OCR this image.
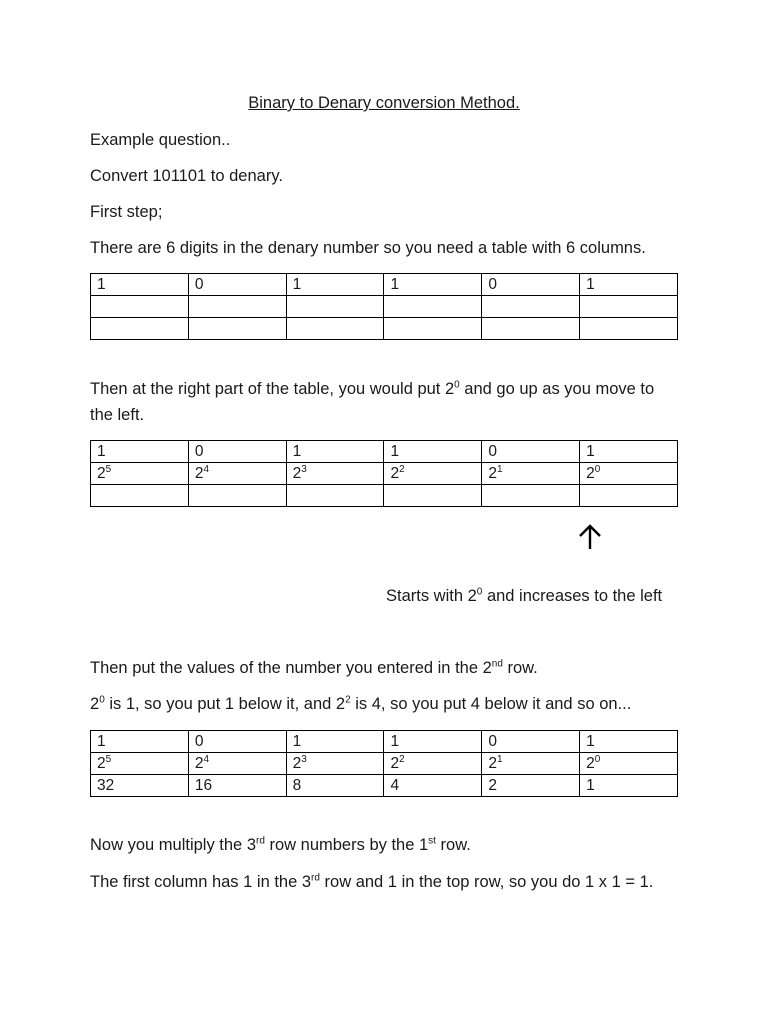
Binary to Denary conversion Method.
Example question..
Convert 101101 to denary.
First step;
There are 6 digits in the denary number so you need a table with 6 columns.
1	0	1	1	0	1

Then at the right part of the table, you would put $2^0$ and go up as you move to
the left.
1	0	1	1	0	1
$2^5$	$2^4$	$2^3$	$2^2$	$2^1$	$2^0$

Starts with $2^0$ and increases to the left
Then put the values of the number you entered in the 2nd row.
$2^0$ is 1, so you put 1 below it, and $2^2$ is 4, so you put 4 below it and so on...
1	0	1	1	0	1
$2^5$	$2^4$	$2^3$	$2^2$	$2^1$	$2^0$
32	16	8	4	2	1
Now you multiply the 3rd row numbers by the 1st row.
The first column has 1 in the 3rd row and 1 in the top row, so you do 1 x 1 = 1.
